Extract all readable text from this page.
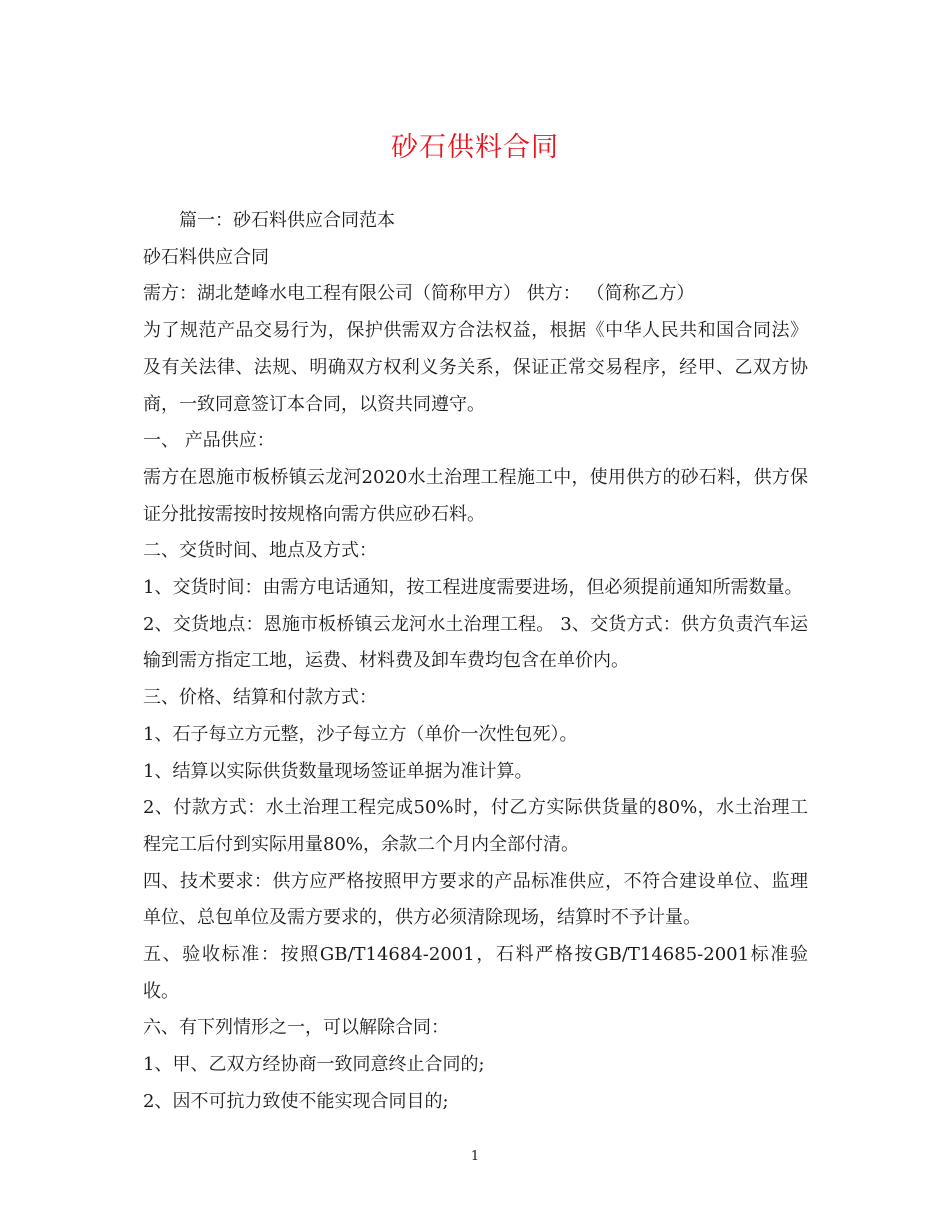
砂石供料合同

篇一：砂石料供应合同范本

砂石料供应合同

需方：湖北楚峰水电工程有限公司（简称甲方） 供方： （简称乙方）

为了规范产品交易行为，保护供需双方合法权益，根据《中华人民共和国合同法》及有关法律、法规、明确双方权利义务关系，保证正常交易程序，经甲、乙双方协商，一致同意签订本合同，以资共同遵守。

一、 产品供应：

需方在恩施市板桥镇云龙河2020水土治理工程施工中，使用供方的砂石料，供方保证分批按需按时按规格向需方供应砂石料。

二、交货时间、地点及方式：

1、交货时间：由需方电话通知，按工程进度需要进场，但必须提前通知所需数量。

2、交货地点：恩施市板桥镇云龙河水土治理工程。 3、交货方式：供方负责汽车运输到需方指定工地，运费、材料费及卸车费均包含在单价内。

三、价格、结算和付款方式：

1、石子每立方元整，沙子每立方（单价一次性包死）。

1、结算以实际供货数量现场签证单据为准计算。

2、付款方式：水土治理工程完成50%时，付乙方实际供货量的80%，水土治理工程完工后付到实际用量80%，余款二个月内全部付清。

四、技术要求：供方应严格按照甲方要求的产品标准供应，不符合建设单位、监理单位、总包单位及需方要求的，供方必须清除现场，结算时不予计量。

五、验收标准：按照GB/T14684-2001，石料严格按GB/T14685-2001标准验收。

六、有下列情形之一，可以解除合同：

1、甲、乙双方经协商一致同意终止合同的;

2、因不可抗力致使不能实现合同目的;

1
